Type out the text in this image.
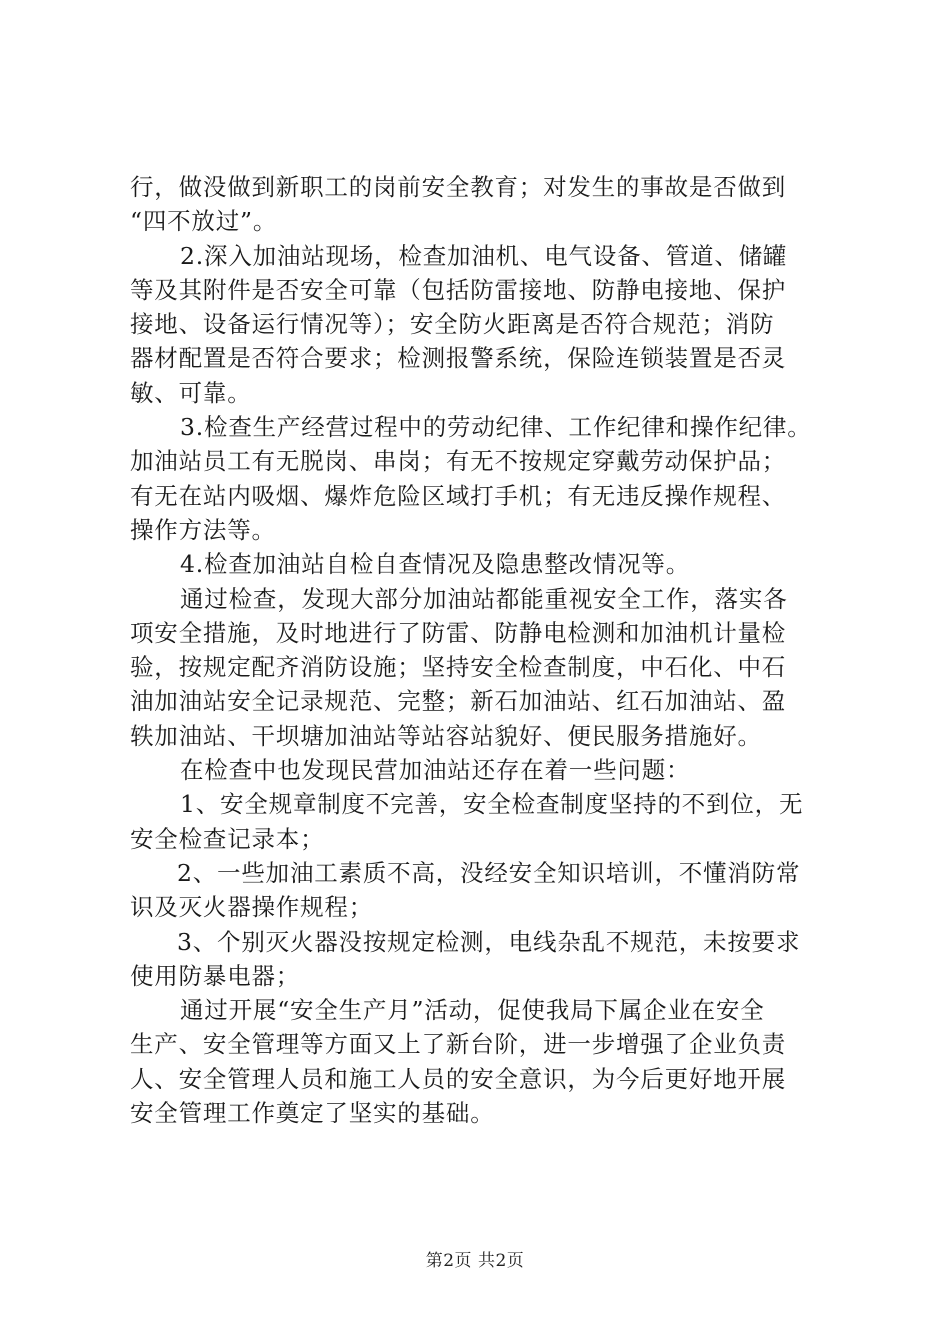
行，做没做到新职工的岗前安全教育；对发生的事故是否做到
“四不放过”。

2.深入加油站现场，检查加油机、电气设备、管道、储罐
等及其附件是否安全可靠（包括防雷接地、防静电接地、保护
接地、设备运行情况等）；安全防火距离是否符合规范；消防
器材配置是否符合要求；检测报警系统，保险连锁装置是否灵
敏、可靠。

3.检查生产经营过程中的劳动纪律、工作纪律和操作纪律。
加油站员工有无脱岗、串岗；有无不按规定穿戴劳动保护品；
有无在站内吸烟、爆炸危险区域打手机；有无违反操作规程、
操作方法等。

4.检查加油站自检自查情况及隐患整改情况等。

通过检查，发现大部分加油站都能重视安全工作，落实各
项安全措施，及时地进行了防雷、防静电检测和加油机计量检
验，按规定配齐消防设施；坚持安全检查制度，中石化、中石
油加油站安全记录规范、完整；新石加油站、红石加油站、盈
轶加油站、干坝塘加油站等站容站貌好、便民服务措施好。

在检查中也发现民营加油站还存在着一些问题：

1、安全规章制度不完善，安全检查制度坚持的不到位，无
安全检查记录本；

2、一些加油工素质不高，没经安全知识培训，不懂消防常
识及灭火器操作规程；

3、个别灭火器没按规定检测，电线杂乱不规范，未按要求
使用防暴电器；

通过开展“安全生产月”活动，促使我局下属企业在安全
生产、安全管理等方面又上了新台阶，进一步增强了企业负责
人、安全管理人员和施工人员的安全意识，为今后更好地开展
安全管理工作奠定了坚实的基础。

第2页 共2页
